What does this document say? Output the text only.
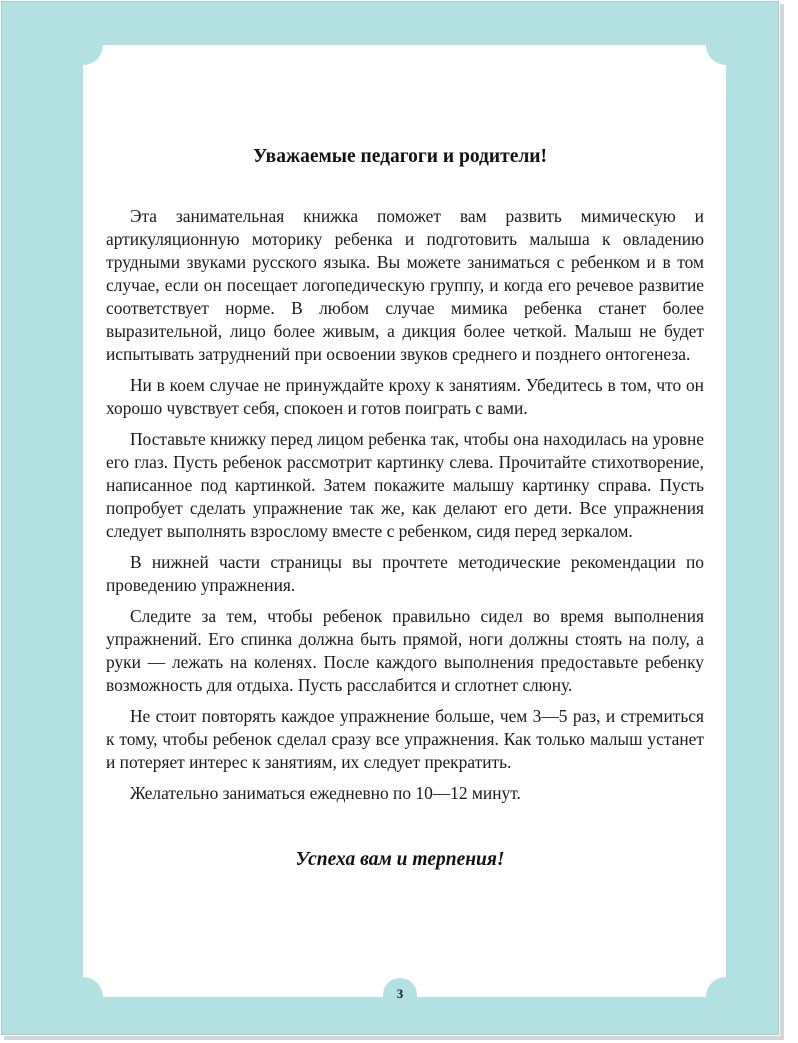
Уважаемые педагоги и родители!

Эта занимательная книжка поможет вам развить мимическую и артикуляционную моторику ребенка и подготовить малыша к овладению трудными звуками русского языка. Вы можете заниматься с ребенком и в том случае, если он посещает логопедическую группу, и когда его речевое развитие соответствует норме. В любом случае мимика ребенка станет более выразительной, лицо более живым, а дикция более четкой. Малыш не будет испытывать затруднений при освоении звуков среднего и позднего онтогенеза.

Ни в коем случае не принуждайте кроху к занятиям. Убедитесь в том, что он хорошо чувствует себя, спокоен и готов поиграть с вами.

Поставьте книжку перед лицом ребенка так, чтобы она находилась на уровне его глаз. Пусть ребенок рассмотрит картинку слева. Прочитайте стихотворение, написанное под картинкой. Затем покажите малышу картинку справа. Пусть попробует сделать упражнение так же, как делают его дети. Все упражнения следует выполнять взрослому вместе с ребенком, сидя перед зеркалом.

В нижней части страницы вы прочтете методические рекомендации по проведению упражнения.

Следите за тем, чтобы ребенок правильно сидел во время выполнения упражнений. Его спинка должна быть прямой, ноги должны стоять на полу, а руки — лежать на коленях. После каждого выполнения предоставьте ребенку возможность для отдыха. Пусть расслабится и сглотнет слюну.

Не стоит повторять каждое упражнение больше, чем 3—5 раз, и стремиться к тому, чтобы ребенок сделал сразу все упражнения. Как только малыш устанет и потеряет интерес к занятиям, их следует прекратить.

Желательно заниматься ежедневно по 10—12 минут.

Успеха вам и терпения!
3
